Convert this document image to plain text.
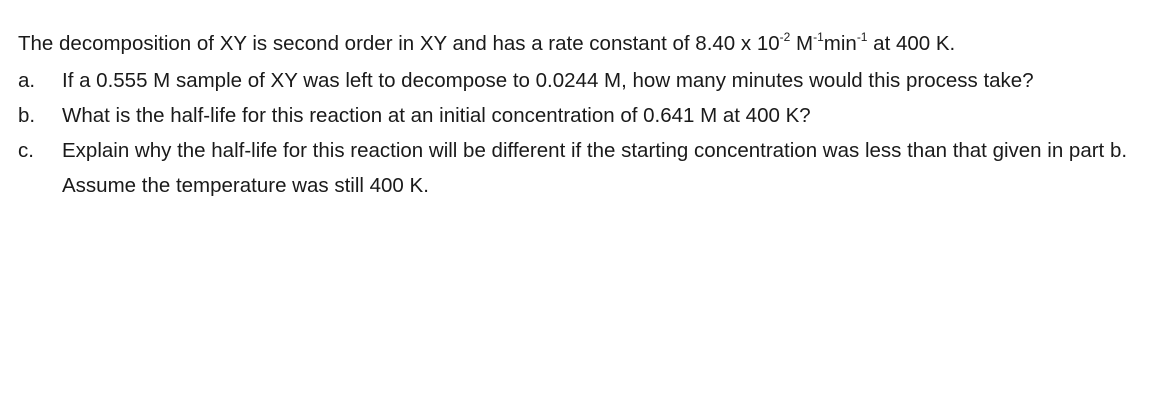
The decomposition of XY is second order in XY and has a rate constant of 8.40 x $10^{-2}$ $M^{-1}\min^{-1}$ at 400 K.

a.	If a 0.555 M sample of XY was left to decompose to 0.0244 M, how many minutes would this process take?
b.	What is the half-life for this reaction at an initial concentration of 0.641 M at 400 K?
c.	Explain why the half-life for this reaction will be different if the starting concentration was less than that given in part b. Assume the temperature was still 400 K.
